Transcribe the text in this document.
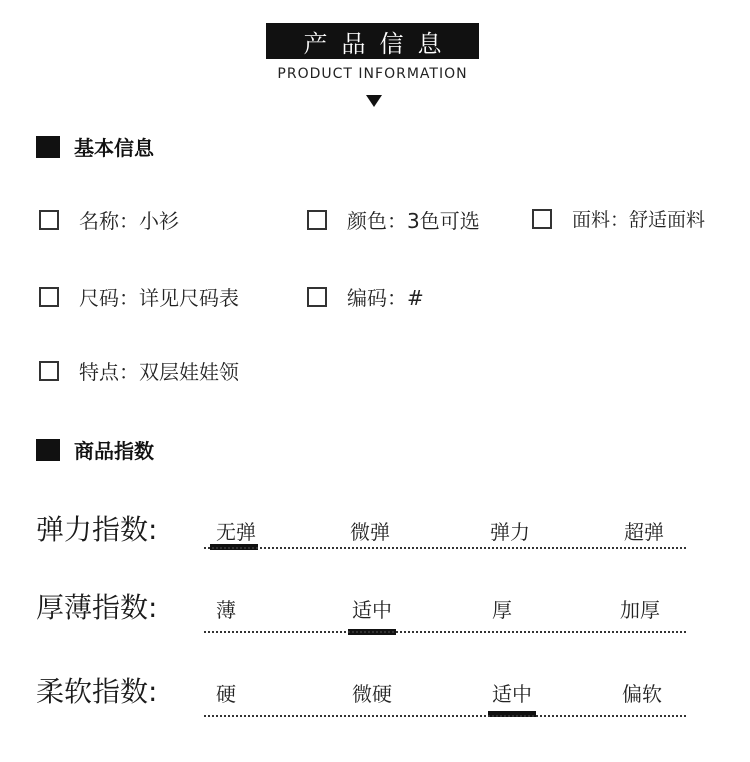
产品信息
PRODUCT INFORMATION
基本信息
名称：小衫	颜色：3色可选	面料：舒适面料
尺码：详见尺码表	编码：#
特点：双层娃娃领
商品指数
弹力指数:	无弹	微弹	弹力	超弹
厚薄指数:	薄	适中	厚	加厚
柔软指数:	硬	微硬	适中	偏软
